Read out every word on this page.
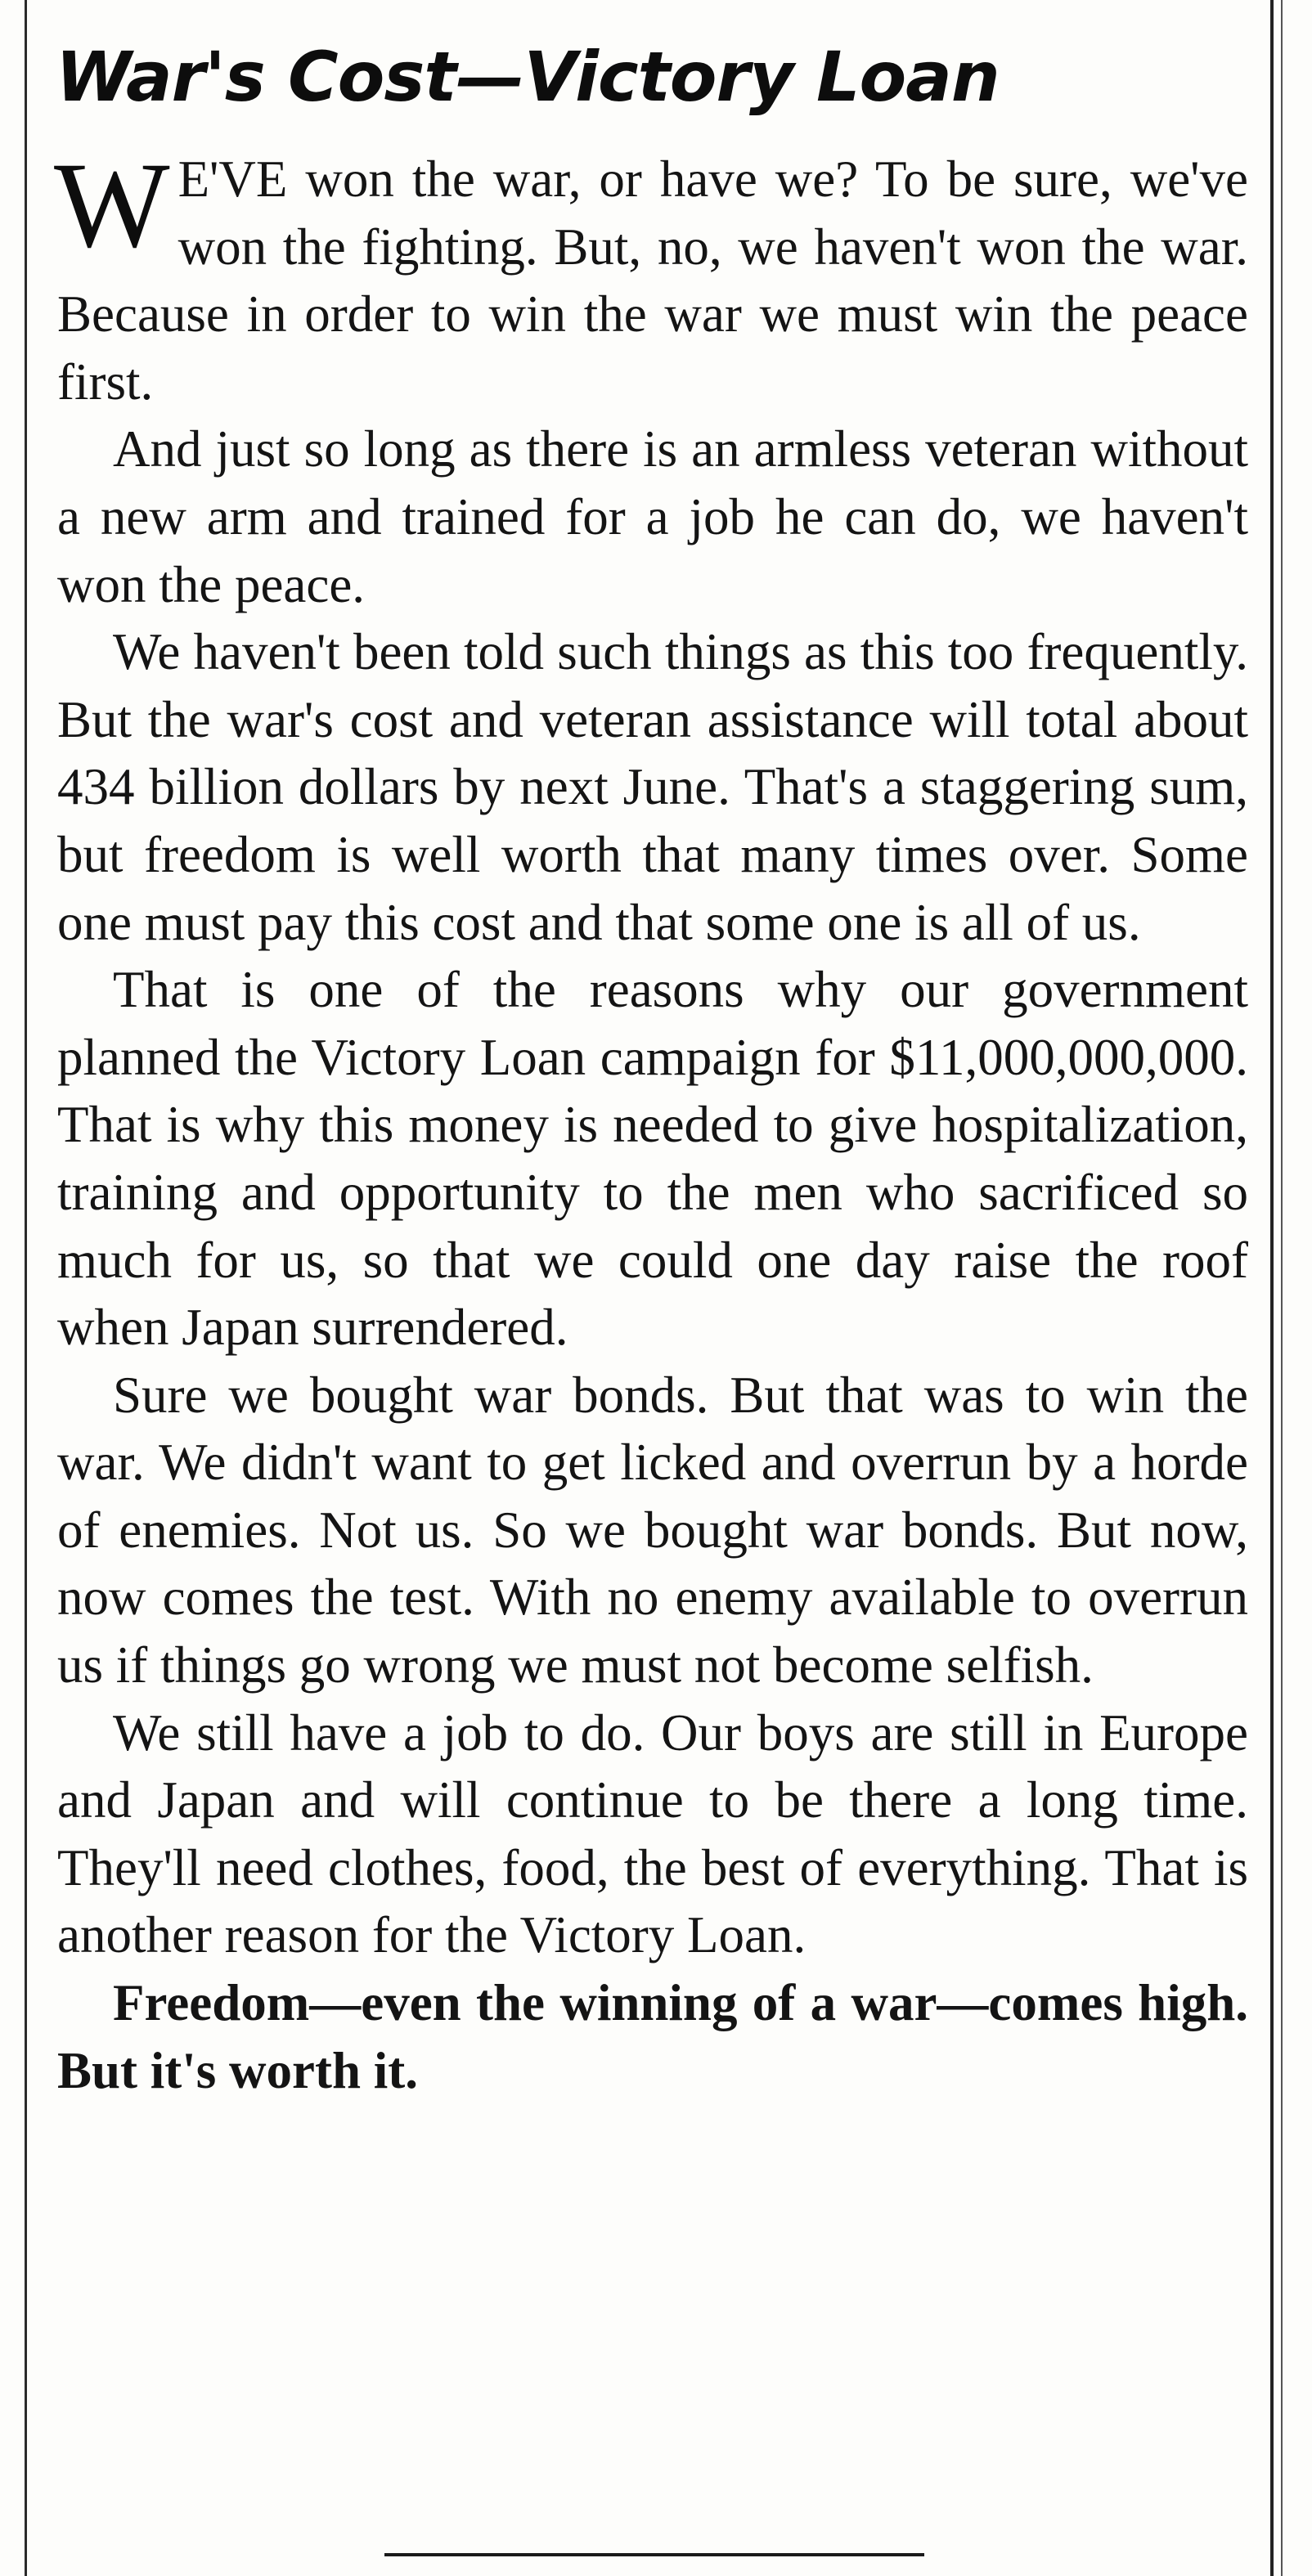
War's Cost—Victory Loan

W E'VE won the war, or have we? To be sure, we've won the fighting. But, no, we haven't won the war. Because in order to win the war we must win the peace first.

And just so long as there is an armless veteran without a new arm and trained for a job he can do, we haven't won the peace.

We haven't been told such things as this too frequently. But the war's cost and veteran assistance will total about 434 billion dollars by next June. That's a staggering sum, but freedom is well worth that many times over. Some one must pay this cost and that some one is all of us.

That is one of the reasons why our government planned the Victory Loan campaign for $11,000,000,000. That is why this money is needed to give hospitalization, training and opportunity to the men who sacrificed so much for us, so that we could one day raise the roof when Japan surrendered.

Sure we bought war bonds. But that was to win the war. We didn't want to get licked and overrun by a horde of enemies. Not us. So we bought war bonds. But now, now comes the test. With no enemy available to overrun us if things go wrong we must not become selfish.

We still have a job to do. Our boys are still in Europe and Japan and will continue to be there a long time. They'll need clothes, food, the best of everything. That is another reason for the Victory Loan.

Freedom—even the winning of a war—comes high. But it's worth it.
